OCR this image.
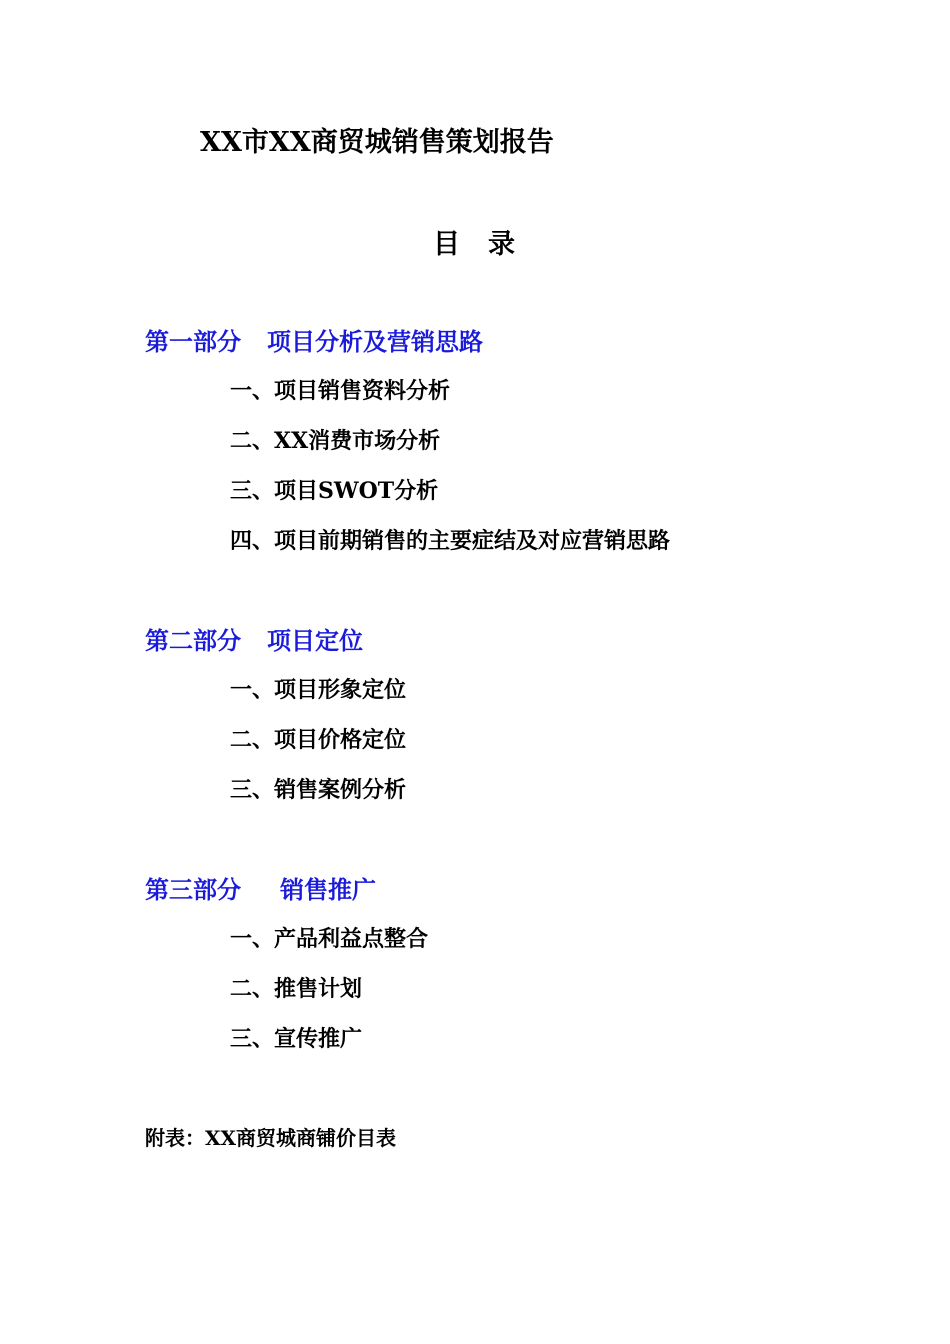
XX市XX商贸城销售策划报告
目 录
第一部分 项目分析及营销思路
一、项目销售资料分析
二、XX消费市场分析
三、项目SWOT分析
四、项目前期销售的主要症结及对应营销思路
第二部分 项目定位
一、项目形象定位
二、项目价格定位
三、销售案例分析
第三部分 销售推广
一、产品利益点整合
二、推售计划
三、宣传推广
附表：XX商贸城商铺价目表
